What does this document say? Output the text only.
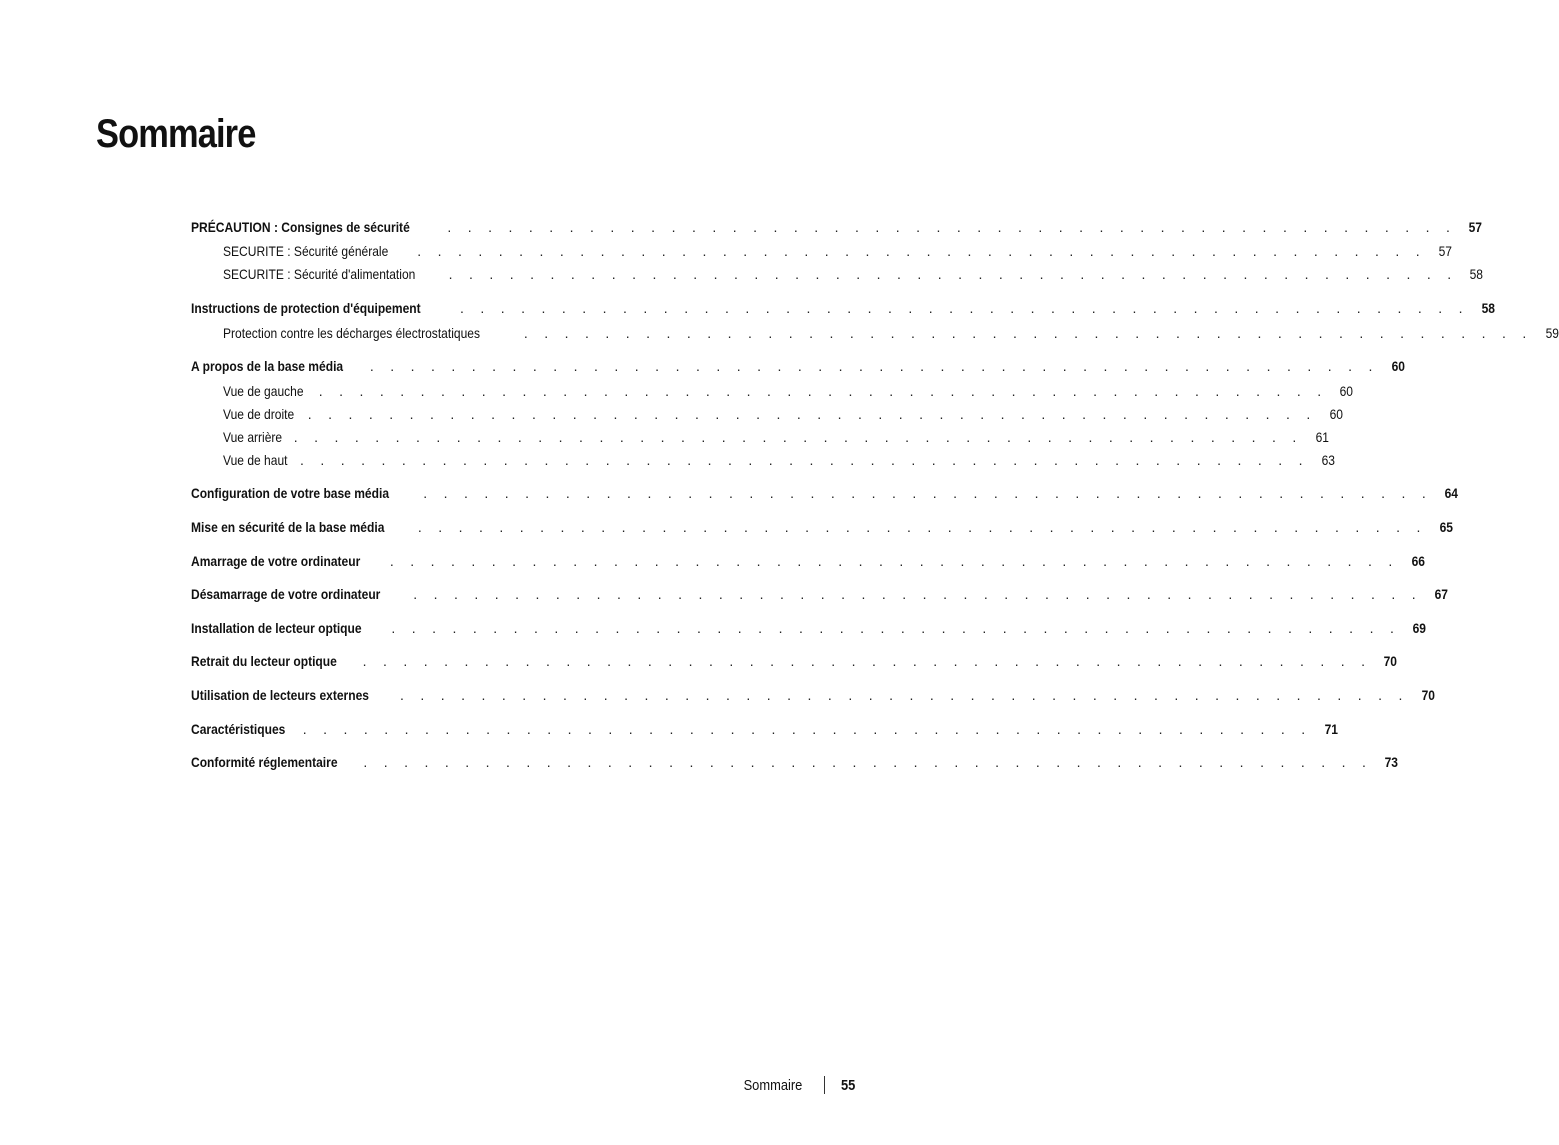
Sommaire
PRÉCAUTION : Consignes de sécurité	. . . . . . . . . . . . . . . . . . . . . . . . . . . . . . . . . . . . . . . . . . . . . . . . . . 57
SECURITE : Sécurité générale . . . . . . . . . . . . . . . . . . . . . . . . . . . . . . . . . . . . . . . . . . . . . . . . . . 57
SECURITE : Sécurité d'alimentation . . . . . . . . . . . . . . . . . . . . . . . . . . . . . . . . . . . . . . . . . . . . . . . . . . 58
Instructions de protection d'équipement	. . . . . . . . . . . . . . . . . . . . . . . . . . . . . . . . . . . . . . . . . . . . . . . . . . 58
Protection contre les décharges électrostatiques	. . . . . . . . . . . . . . . . . . . . . . . . . . . . . . . . . . . . . . . . . . . . . . . . . . 59
A propos de la base média . . . . . . . . . . . . . . . . . . . . . . . . . . . . . . . . . . . . . . . . . . . . . . . . . . 60
Vue de gauche . . . . . . . . . . . . . . . . . . . . . . . . . . . . . . . . . . . . . . . . . . . . . . . . . . 60
Vue de droite . . . . . . . . . . . . . . . . . . . . . . . . . . . . . . . . . . . . . . . . . . . . . . . . . . 60
Vue arrière . . . . . . . . . . . . . . . . . . . . . . . . . . . . . . . . . . . . . . . . . . . . . . . . . . 61
Vue de haut . . . . . . . . . . . . . . . . . . . . . . . . . . . . . . . . . . . . . . . . . . . . . . . . . . 63
Configuration de votre base média . . . . . . . . . . . . . . . . . . . . . . . . . . . . . . . . . . . . . . . . . . . . . . . . . . 64
Mise en sécurité de la base média . . . . . . . . . . . . . . . . . . . . . . . . . . . . . . . . . . . . . . . . . . . . . . . . . . 65
Amarrage de votre ordinateur . . . . . . . . . . . . . . . . . . . . . . . . . . . . . . . . . . . . . . . . . . . . . . . . . . 66
Désamarrage de votre ordinateur . . . . . . . . . . . . . . . . . . . . . . . . . . . . . . . . . . . . . . . . . . . . . . . . . . 67
Installation de lecteur optique . . . . . . . . . . . . . . . . . . . . . . . . . . . . . . . . . . . . . . . . . . . . . . . . . . 69
Retrait du lecteur optique . . . . . . . . . . . . . . . . . . . . . . . . . . . . . . . . . . . . . . . . . . . . . . . . . . 70
Utilisation de lecteurs externes . . . . . . . . . . . . . . . . . . . . . . . . . . . . . . . . . . . . . . . . . . . . . . . . . . 70
Caractéristiques . . . . . . . . . . . . . . . . . . . . . . . . . . . . . . . . . . . . . . . . . . . . . . . . . . 71
Conformité réglementaire . . . . . . . . . . . . . . . . . . . . . . . . . . . . . . . . . . . . . . . . . . . . . . . . . . 73
Sommaire	55
